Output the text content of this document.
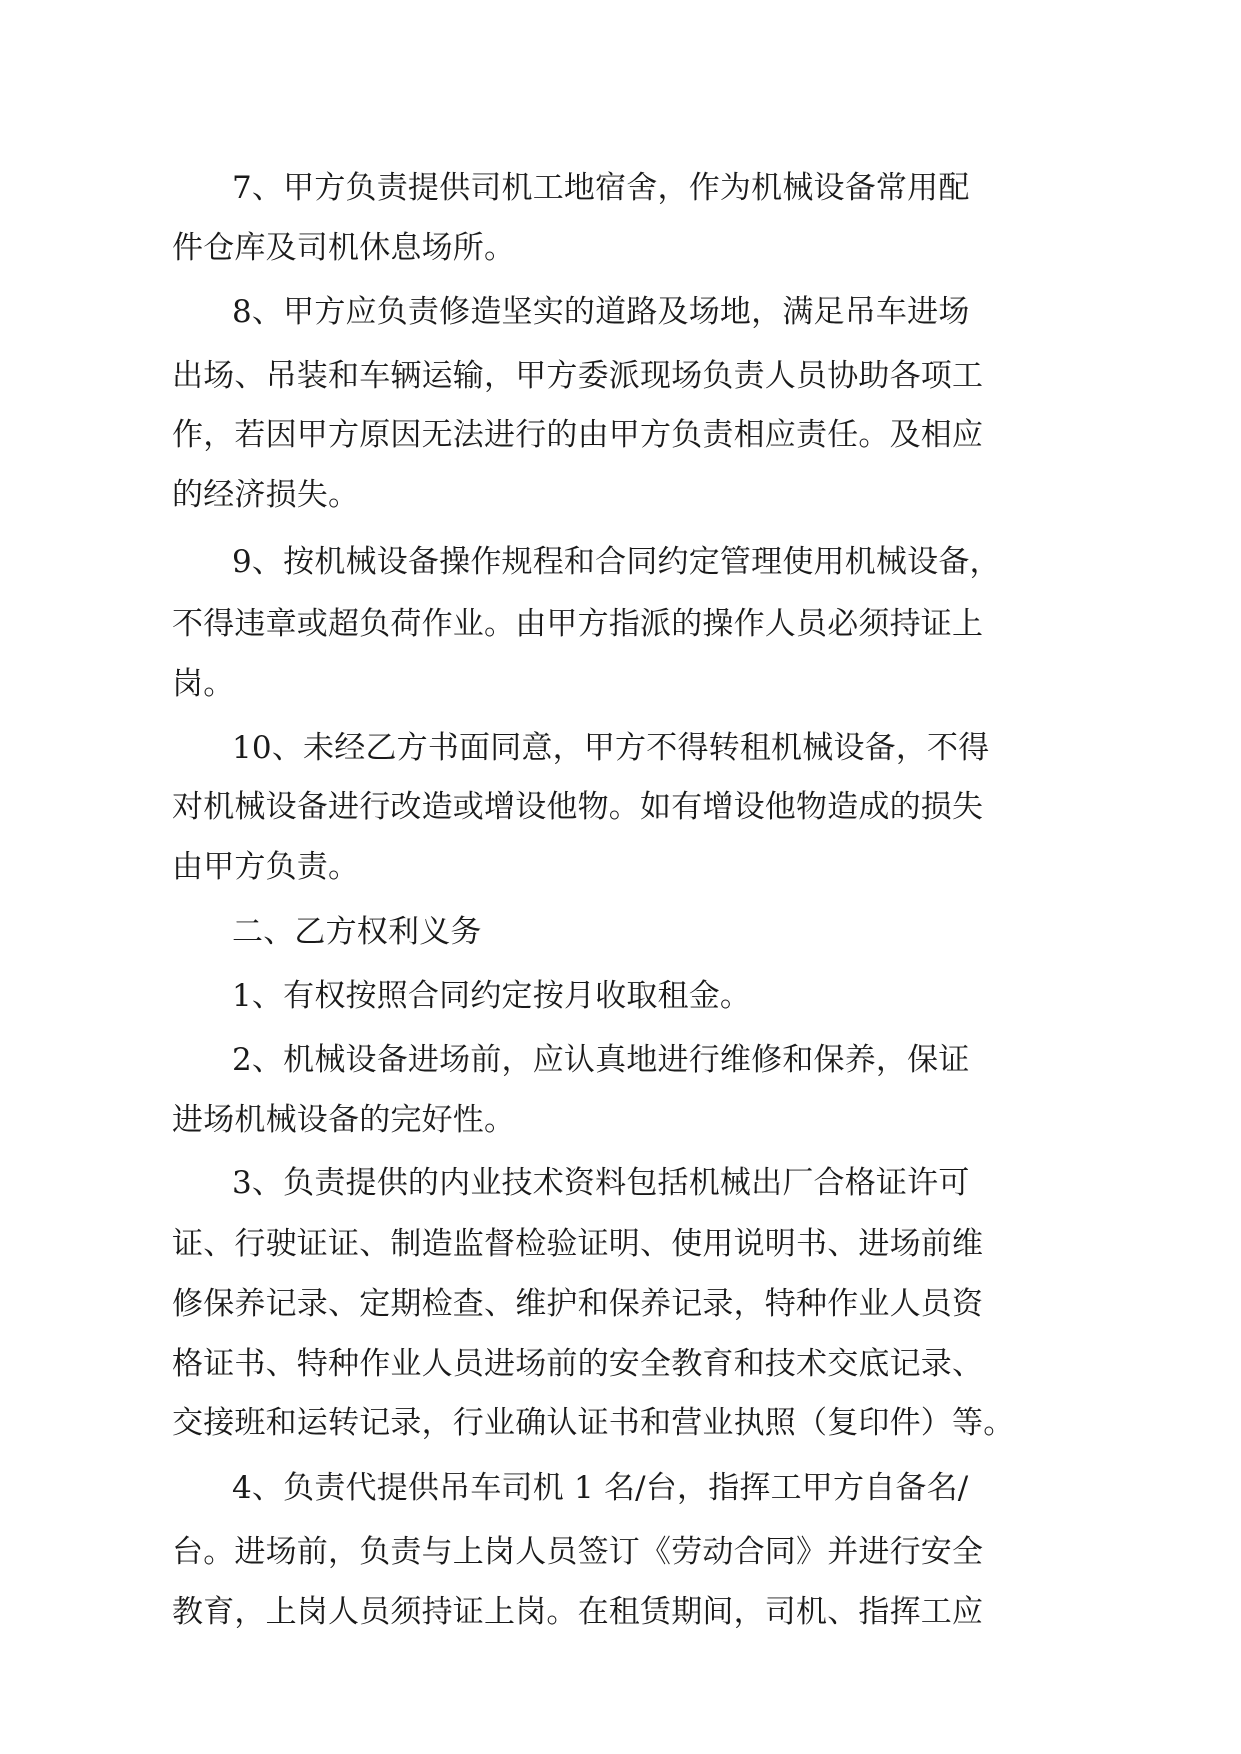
7、甲方负责提供司机工地宿舍，作为机械设备常用配
件仓库及司机休息场所。
8、甲方应负责修造坚实的道路及场地，满足吊车进场
出场、吊装和车辆运输，甲方委派现场负责人员协助各项工
作，若因甲方原因无法进行的由甲方负责相应责任。及相应
的经济损失。
9、按机械设备操作规程和合同约定管理使用机械设备，
不得违章或超负荷作业。由甲方指派的操作人员必须持证上
岗。
10、未经乙方书面同意，甲方不得转租机械设备，不得
对机械设备进行改造或增设他物。如有增设他物造成的损失
由甲方负责。
二、乙方权利义务
1、有权按照合同约定按月收取租金。
2、机械设备进场前，应认真地进行维修和保养，保证
进场机械设备的完好性。
3、负责提供的内业技术资料包括机械出厂合格证许可
证、行驶证证、制造监督检验证明、使用说明书、进场前维
修保养记录、定期检查、维护和保养记录，特种作业人员资
格证书、特种作业人员进场前的安全教育和技术交底记录、
交接班和运转记录，行业确认证书和营业执照（复印件）等。
4、负责代提供吊车司机 1 名/台，指挥工甲方自备名/
台。进场前，负责与上岗人员签订《劳动合同》并进行安全
教育，上岗人员须持证上岗。在租赁期间，司机、指挥工应
